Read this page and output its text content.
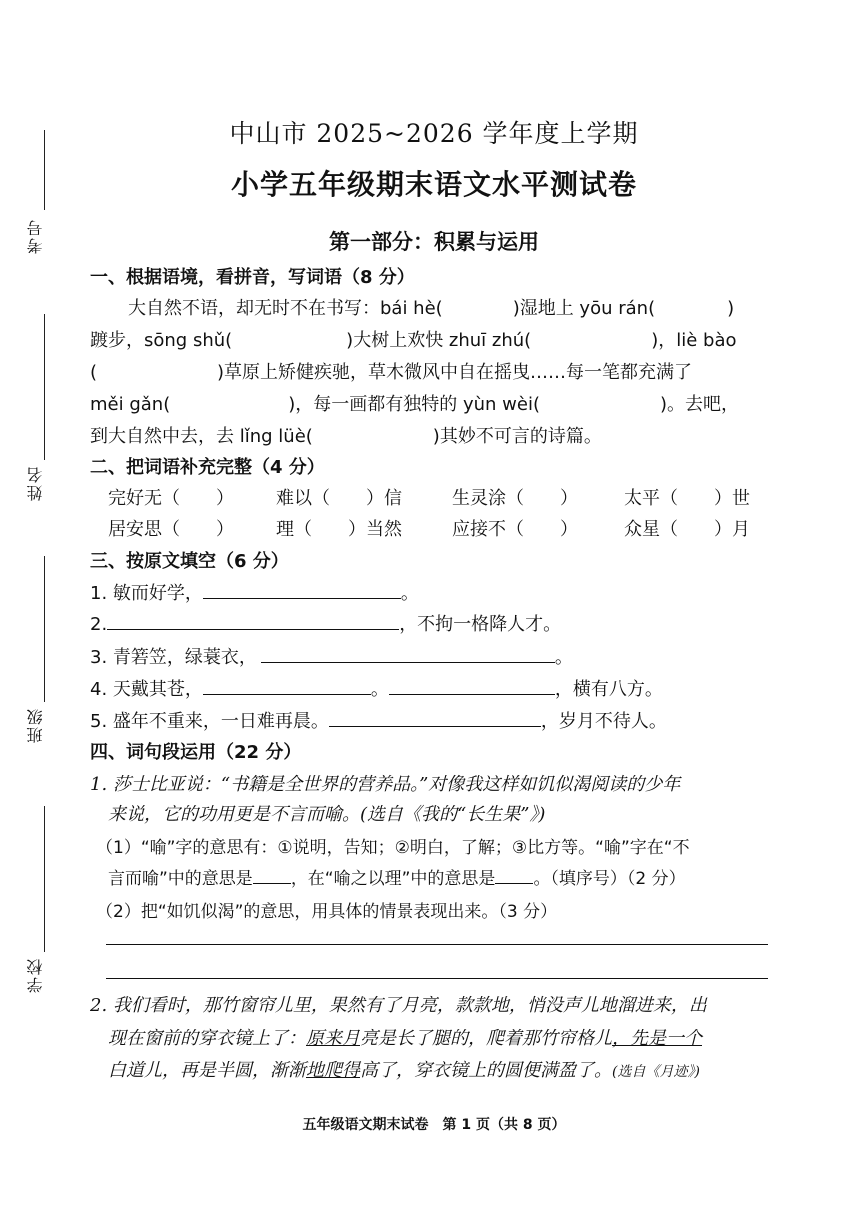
考号
姓名
班级
学校
中山市 2025~2026 学年度上学期
小学五年级期末语文水平测试卷
第一部分：积累与运用
一、根据语境，看拼音，写词语（8 分）
大自然不语，却无时不在书写：bái hè(	)湿地上 yōu rán(	)
踱步，sōng shǔ(	)大树上欢快 zhuī zhú(	)，liè bào
(	)草原上矫健疾驰，草木微风中自在摇曳……每一笔都充满了
měi gǎn(	)，每一画都有独特的 yùn wèi(	)。去吧，
到大自然中去，去 lǐng lüè(	)其妙不可言的诗篇。
二、把词语补充完整（4 分）
完好无（　　） 难以（　　）信	生灵涂（　　）	太平（　　）世
居安思（　　） 理（　　）当然	应接不（　　）	众星（　　）月
三、按原文填空（6 分）
1. 敏而好学，	。
2.	，不拘一格降人才。
3. 青箬笠，绿蓑衣，	。
4. 天戴其苍，	。	，横有八方。
5. 盛年不重来，一日难再晨。	，岁月不待人。
四、词句段运用（22 分）
1. 莎士比亚说：“书籍是全世界的营养品。”对像我这样如饥似渴阅读的少年
来说，它的功用更是不言而喻。(选自《我的“长生果”》)
（1）“喻”字的意思有：①说明，告知；②明白，了解；③比方等。“喻”字在“不
言而喻”中的意思是 ，在“喻之以理”中的意思是 。（填序号）（2 分）
（2）把“如饥似渴”的意思，用具体的情景表现出来。（3 分）
2. 我们看时，那竹窗帘儿里，果然有了月亮，款款地，悄没声儿地溜进来，出
现在窗前的穿衣镜上了：原来月亮是长了腿的，爬着那竹帘格儿，先是一个
白道儿，再是半圆，渐渐地爬得高了，穿衣镜上的圆便满盈了。(选自《月迹》)
五年级语文期末试卷　第 1 页（共 8 页）
